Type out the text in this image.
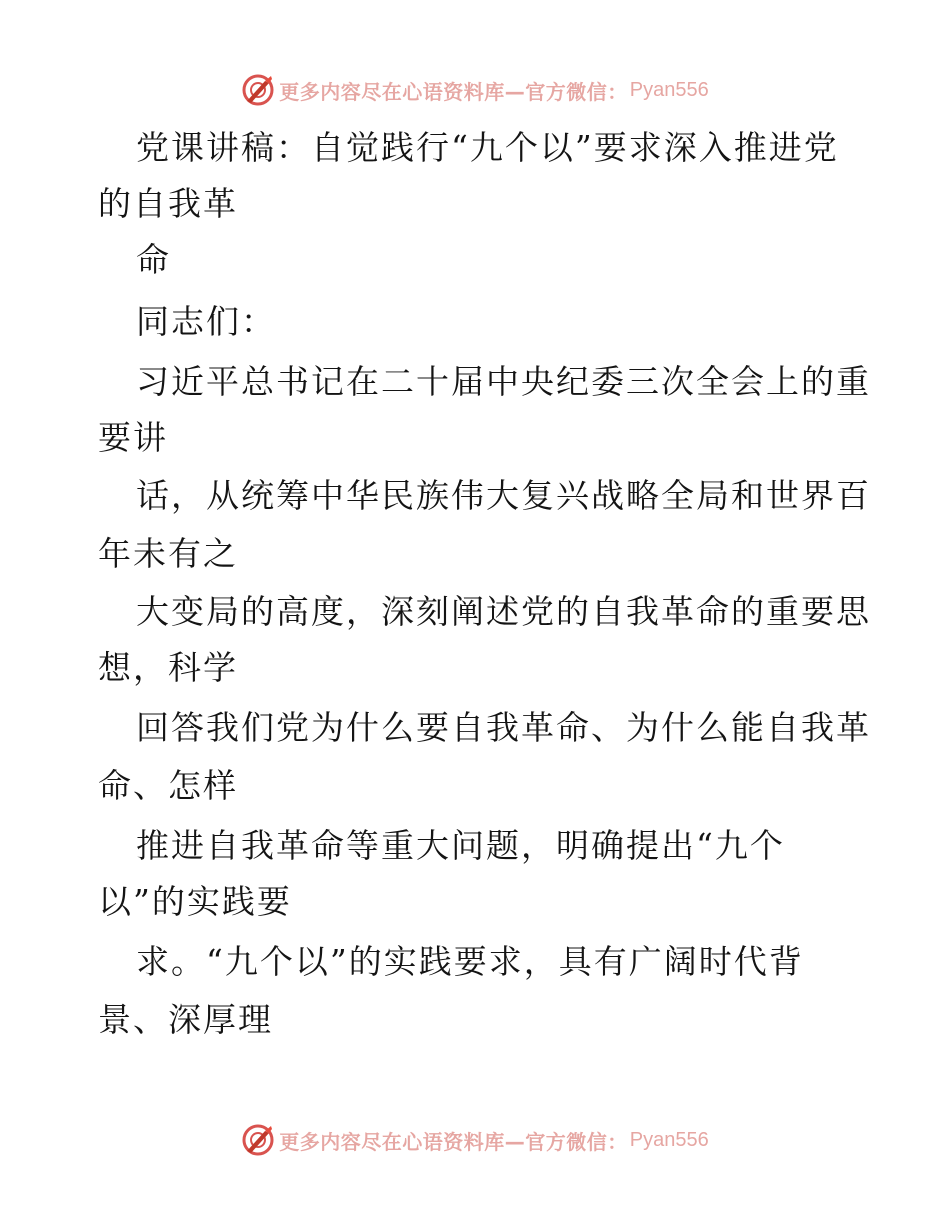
更多内容尽在心语资料库—官方微信： Pyan556
党课讲稿：自觉践行“九个以”要求深入推进党
的自我革
命
同志们：
习近平总书记在二十届中央纪委三次全会上的重
要讲
话，从统筹中华民族伟大复兴战略全局和世界百
年未有之
大变局的高度，深刻阐述党的自我革命的重要思
想，科学
回答我们党为什么要自我革命、为什么能自我革
命、怎样
推进自我革命等重大问题，明确提出“九个
以”的实践要
求。“九个以”的实践要求，具有广阔时代背
景、深厚理
更多内容尽在心语资料库—官方微信： Pyan556
